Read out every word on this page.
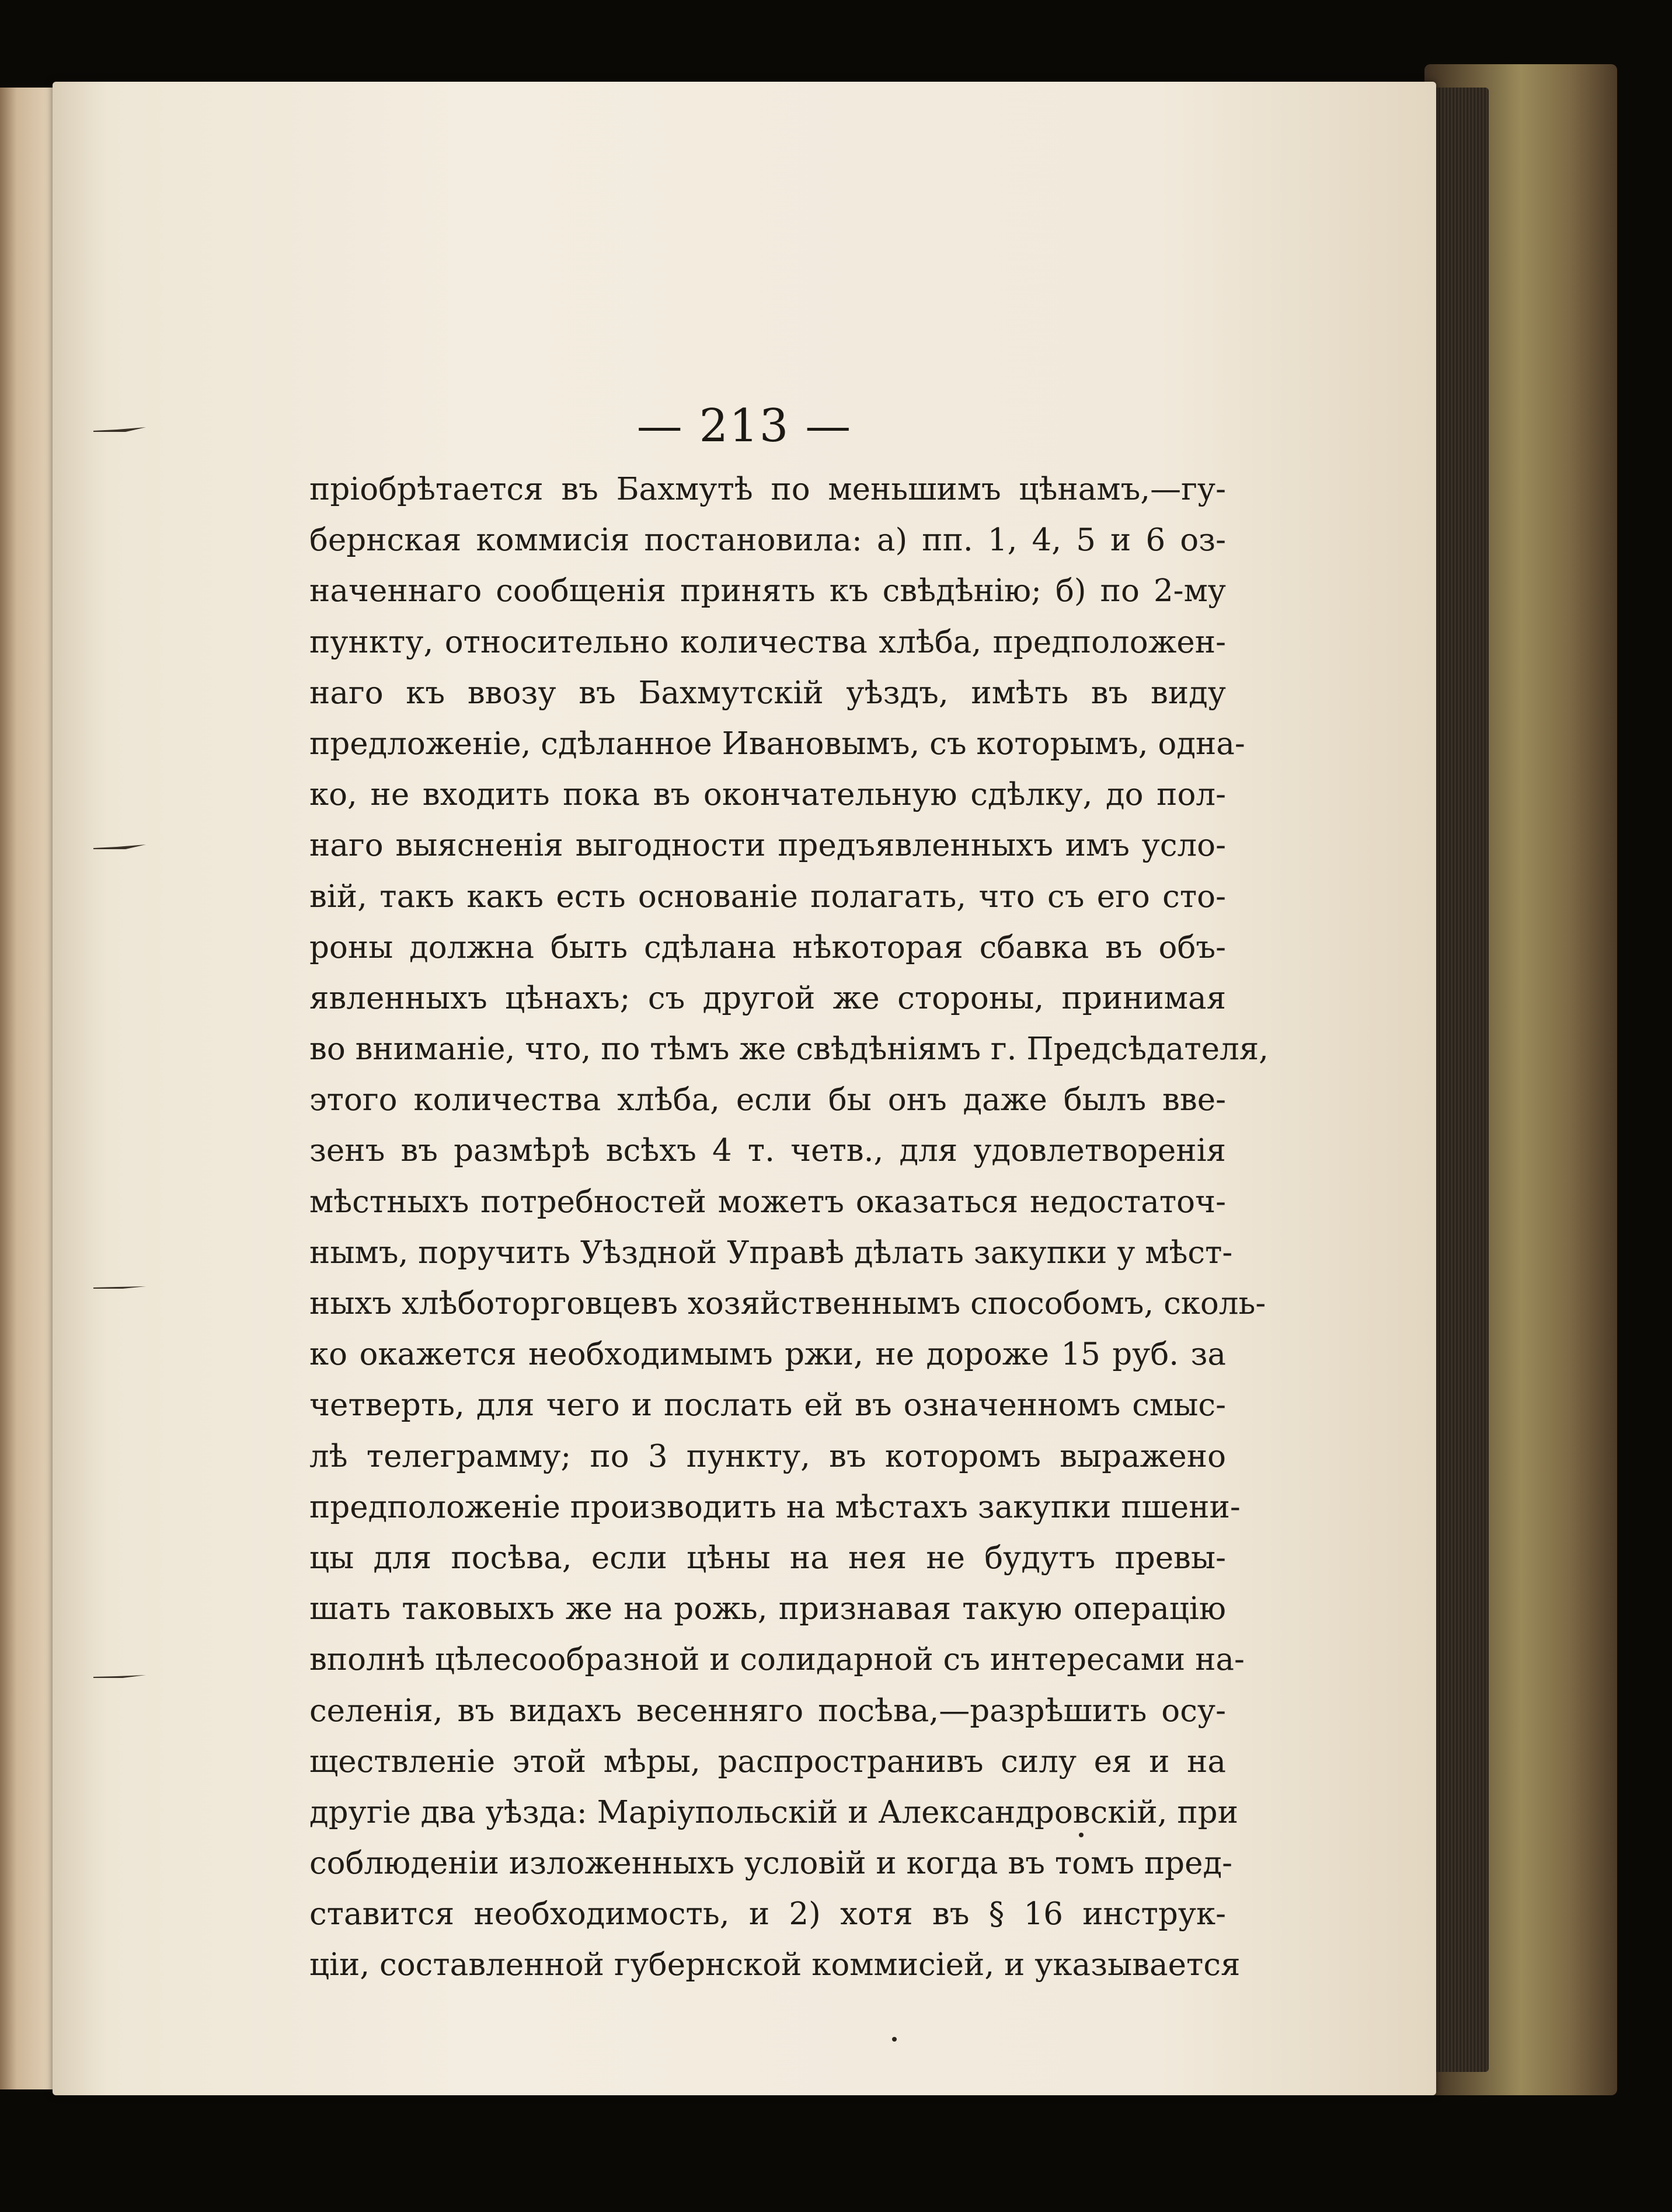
— 213 —
пріобрѣтается въ Бахмутѣ по меньшимъ цѣнамъ,—гу-
бернская коммисія постановила: а) пп. 1, 4, 5 и 6 оз-
наченнаго сообщенія принять къ свѣдѣнію; б) по 2-му
пункту, относительно количества хлѣба, предположен-
наго къ ввозу въ Бахмутскій уѣздъ, имѣть въ виду
предложеніе, сдѣланное Ивановымъ, съ которымъ, одна-
ко, не входить пока въ окончательную сдѣлку, до пол-
наго выясненія выгодности предъявленныхъ имъ усло-
вій, такъ какъ есть основаніе полагать, что съ его сто-
роны должна быть сдѣлана нѣкоторая сбавка въ объ-
явленныхъ цѣнахъ; съ другой же стороны, принимая
во вниманіе, что, по тѣмъ же свѣдѣніямъ г. Предсѣдателя,
этого количества хлѣба, если бы онъ даже былъ вве-
зенъ въ размѣрѣ всѣхъ 4 т. четв., для удовлетворенія
мѣстныхъ потребностей можетъ оказаться недостаточ-
нымъ, поручить Уѣздной Управѣ дѣлать закупки у мѣст-
ныхъ хлѣботорговцевъ хозяйственнымъ способомъ, сколь-
ко окажется необходимымъ ржи, не дороже 15 руб. за
четверть, для чего и послать ей въ означенномъ смыс-
лѣ телеграмму; по 3 пункту, въ которомъ выражено
предположеніе производить на мѣстахъ закупки пшени-
цы для посѣва, если цѣны на нея не будутъ превы-
шать таковыхъ же на рожь, признавая такую операцію
вполнѣ цѣлесообразной и солидарной съ интересами на-
селенія, въ видахъ весенняго посѣва,—разрѣшить осу-
ществленіе этой мѣры, распространивъ силу ея и на
другіе два уѣзда: Маріупольскій и Александровскій, при
соблюденіи изложенныхъ условій и когда въ томъ пред-
ставится необходимость, и 2) хотя въ § 16 инструк-
ціи, составленной губернской коммисіей, и указывается
